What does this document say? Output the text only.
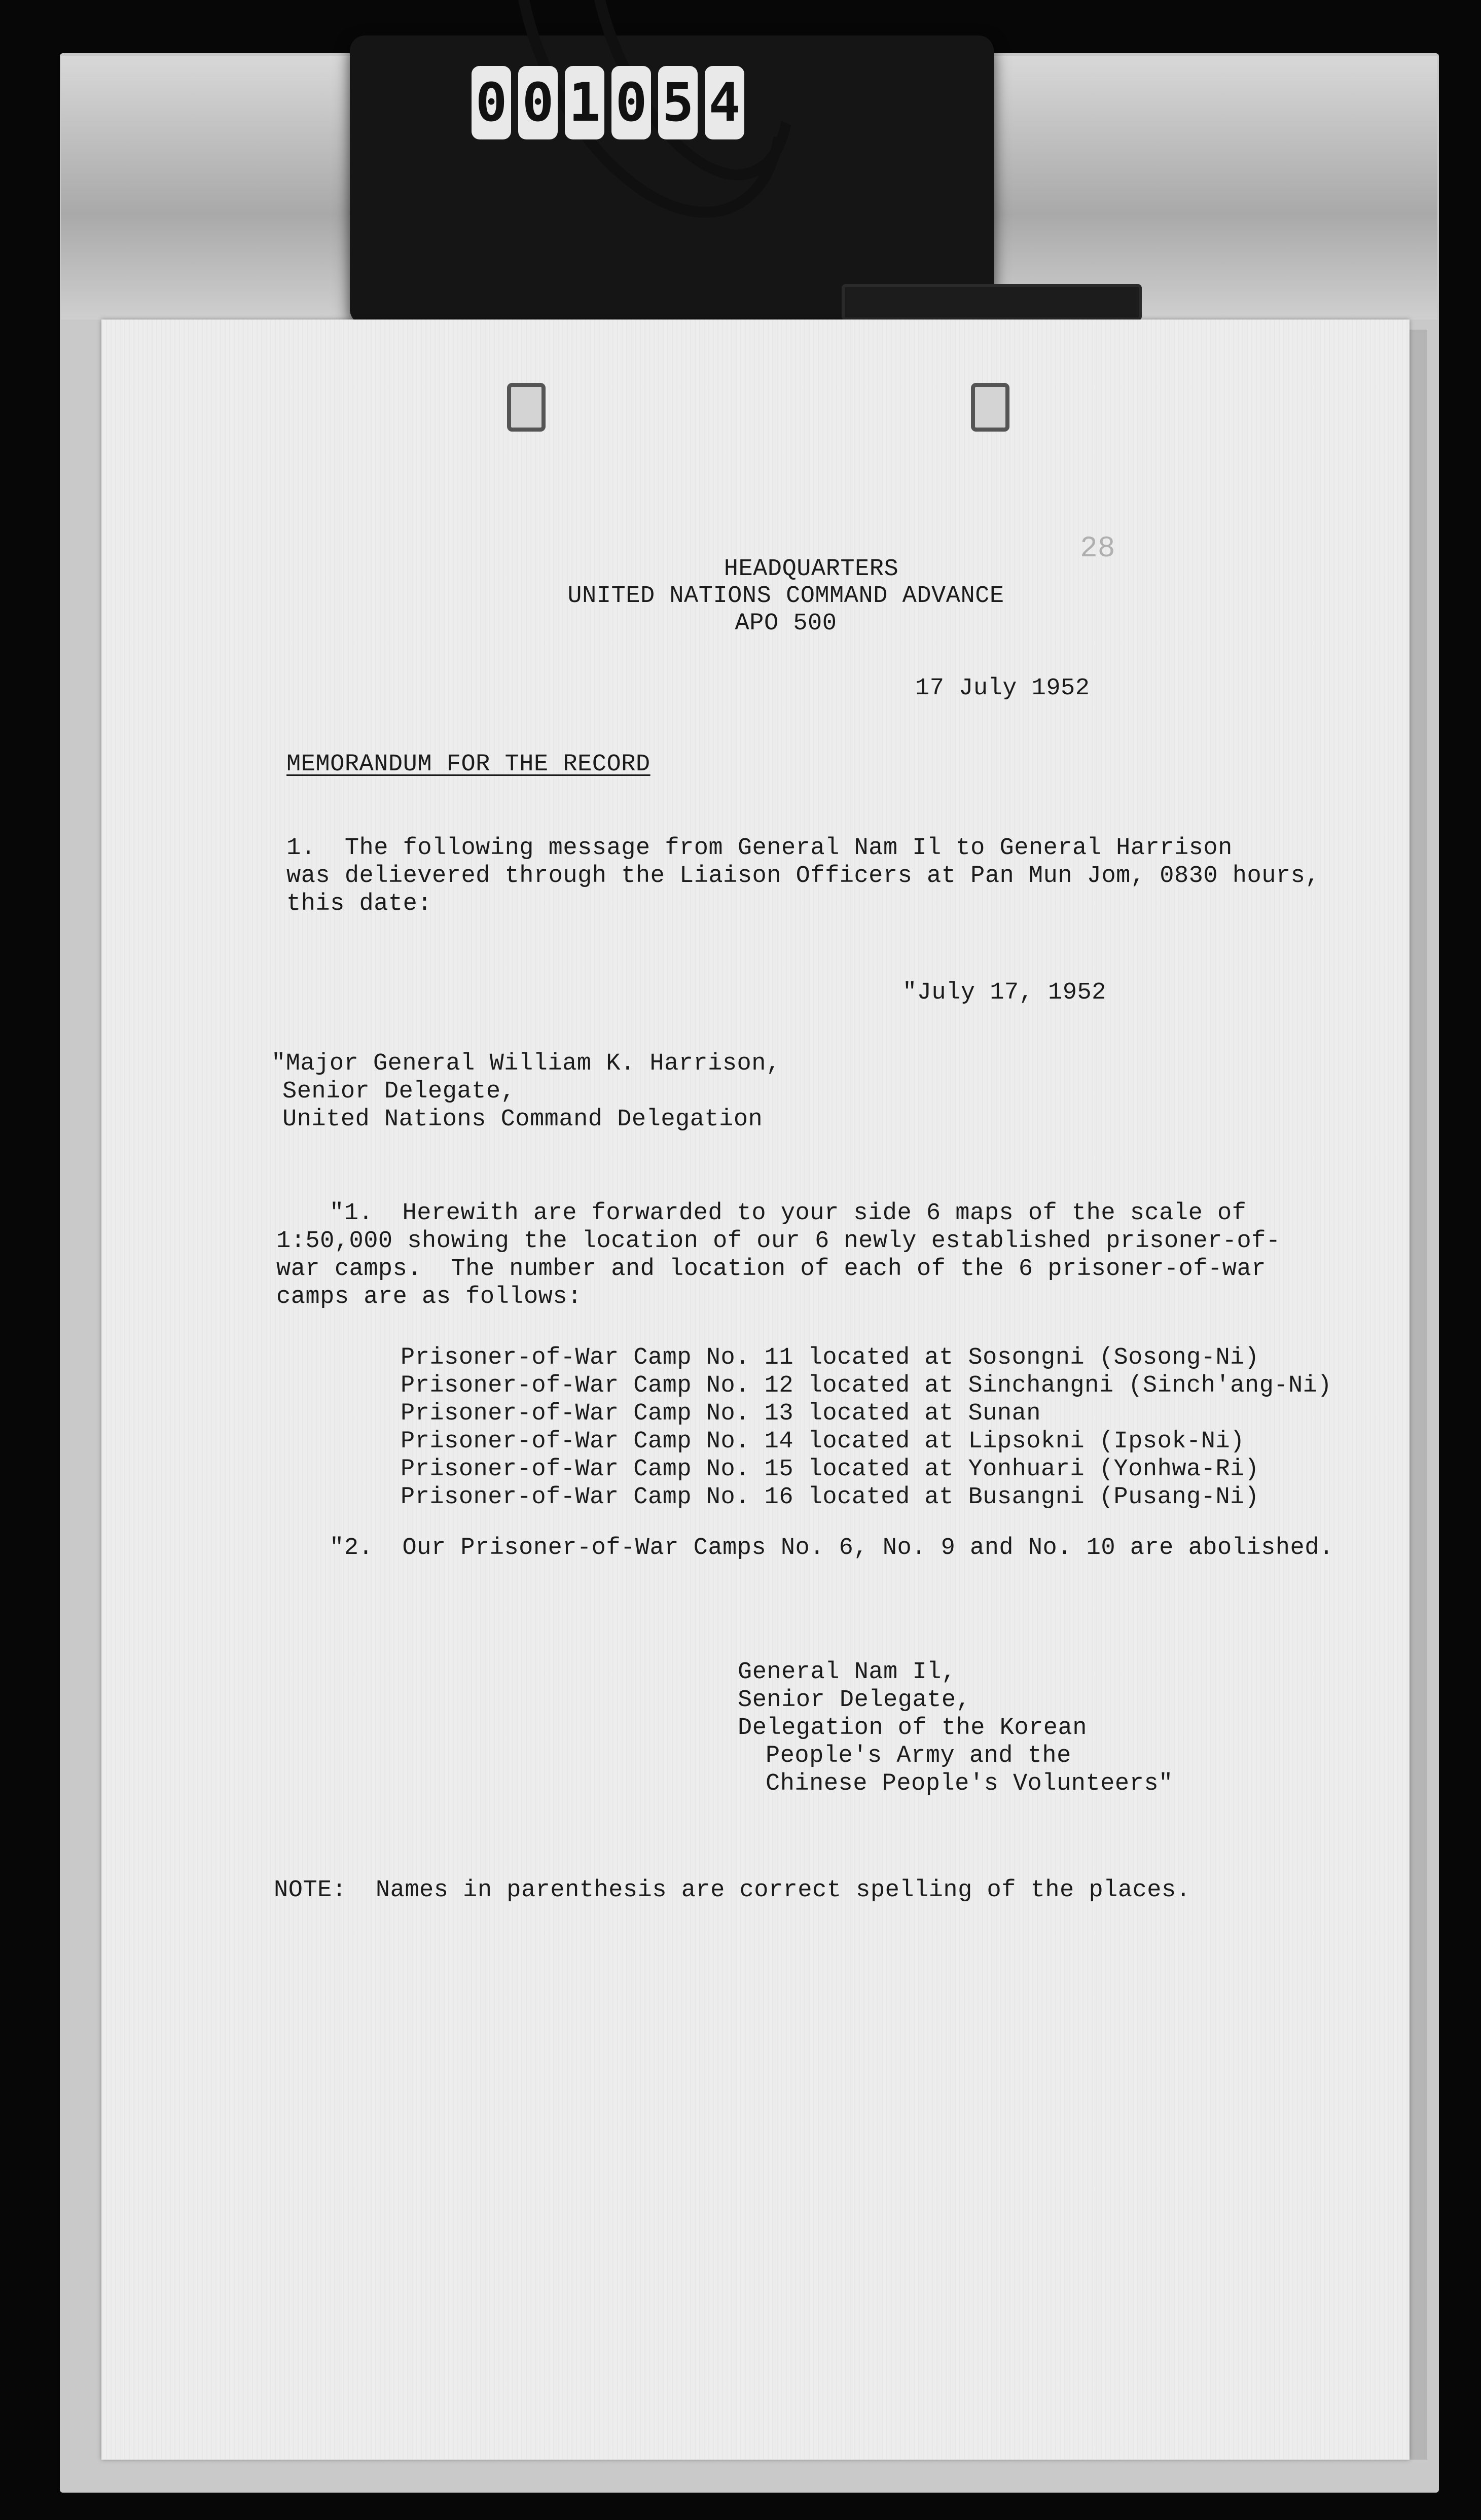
0 0 1 0 5 4
28
HEADQUARTERS
UNITED NATIONS COMMAND ADVANCE
APO 500
17 July 1952
MEMORANDUM FOR THE RECORD
1.  The following message from General Nam Il to General Harrison
was delievered through the Liaison Officers at Pan Mun Jom, 0830 hours,
this date:
"July 17, 1952
"Major General William K. Harrison,
Senior Delegate,
United Nations Command Delegation
"1.  Herewith are forwarded to your side 6 maps of the scale of
1:50,000 showing the location of our 6 newly established prisoner-of-
war camps.  The number and location of each of the 6 prisoner-of-war
camps are as follows:
Prisoner-of-War Camp No. 11 located at Sosongni (Sosong-Ni)
Prisoner-of-War Camp No. 12 located at Sinchangni (Sinch'ang-Ni)
Prisoner-of-War Camp No. 13 located at Sunan
Prisoner-of-War Camp No. 14 located at Lipsokni (Ipsok-Ni)
Prisoner-of-War Camp No. 15 located at Yonhuari (Yonhwa-Ri)
Prisoner-of-War Camp No. 16 located at Busangni (Pusang-Ni)
"2.  Our Prisoner-of-War Camps No. 6, No. 9 and No. 10 are abolished.
General Nam Il,
Senior Delegate,
Delegation of the Korean
People's Army and the
Chinese People's Volunteers"
NOTE:  Names in parenthesis are correct spelling of the places.
